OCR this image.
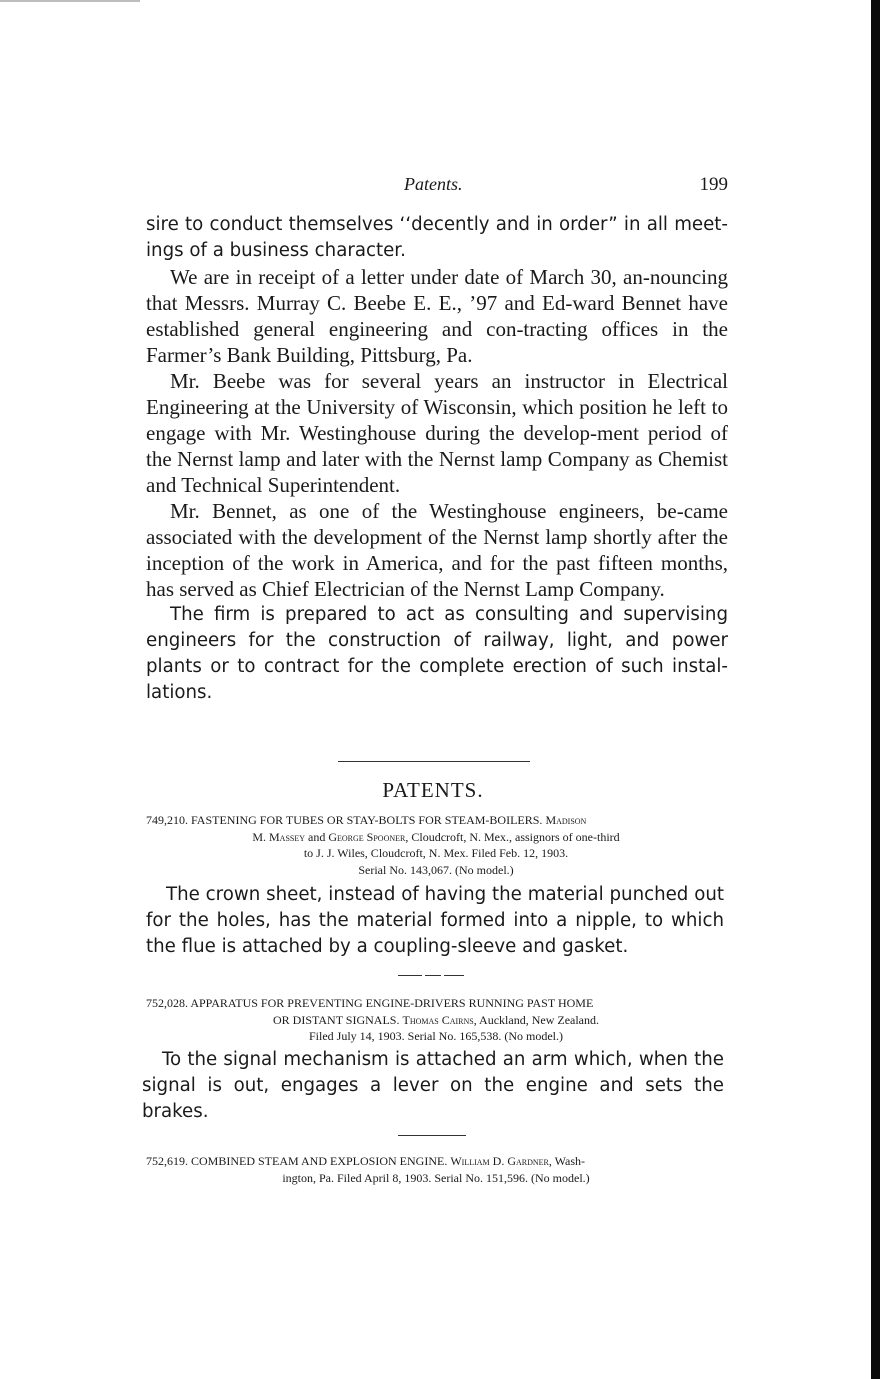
Patents.	199

sire to conduct themselves ‘‘decently and in order” in all meet-ings of a business character.

We are in receipt of a letter under date of March 30, an-nouncing that Messrs. Murray C. Beebe E. E., ’97 and Ed-ward Bennet have established general engineering and con-tracting offices in the Farmer’s Bank Building, Pittsburg, Pa.

Mr. Beebe was for several years an instructor in Electrical Engineering at the University of Wisconsin, which position he left to engage with Mr. Westinghouse during the develop-ment period of the Nernst lamp and later with the Nernst lamp Company as Chemist and Technical Superintendent.

Mr. Bennet, as one of the Westinghouse engineers, be-came associated with the development of the Nernst lamp shortly after the inception of the work in America, and for the past fifteen months, has served as Chief Electrician of the Nernst Lamp Company.

The firm is prepared to act as consulting and supervising engineers for the construction of railway, light, and power plants or to contract for the complete erection of such instal-lations.

PATENTS.
749,210. FASTENING FOR TUBES OR STAY-BOLTS FOR STEAM-BOILERS. Madison
M. Massey and George Spooner, Cloudcroft, N. Mex., assignors of one-third
to J. J. Wiles, Cloudcroft, N. Mex. Filed Feb. 12, 1903.
Serial No. 143,067. (No model.)
The crown sheet, instead of having the material punched out for the holes, has the material formed into a nipple, to which the flue is attached by a coupling-sleeve and gasket.
752,028. APPARATUS FOR PREVENTING ENGINE-DRIVERS RUNNING PAST HOME
OR DISTANT SIGNALS. Thomas Cairns, Auckland, New Zealand.
Filed July 14, 1903. Serial No. 165,538. (No model.)
To the signal mechanism is attached an arm which, when the signal is out, engages a lever on the engine and sets the brakes.
752,619. COMBINED STEAM AND EXPLOSION ENGINE. William D. Gardner, Wash-
ington, Pa. Filed April 8, 1903. Serial No. 151,596. (No model.)
